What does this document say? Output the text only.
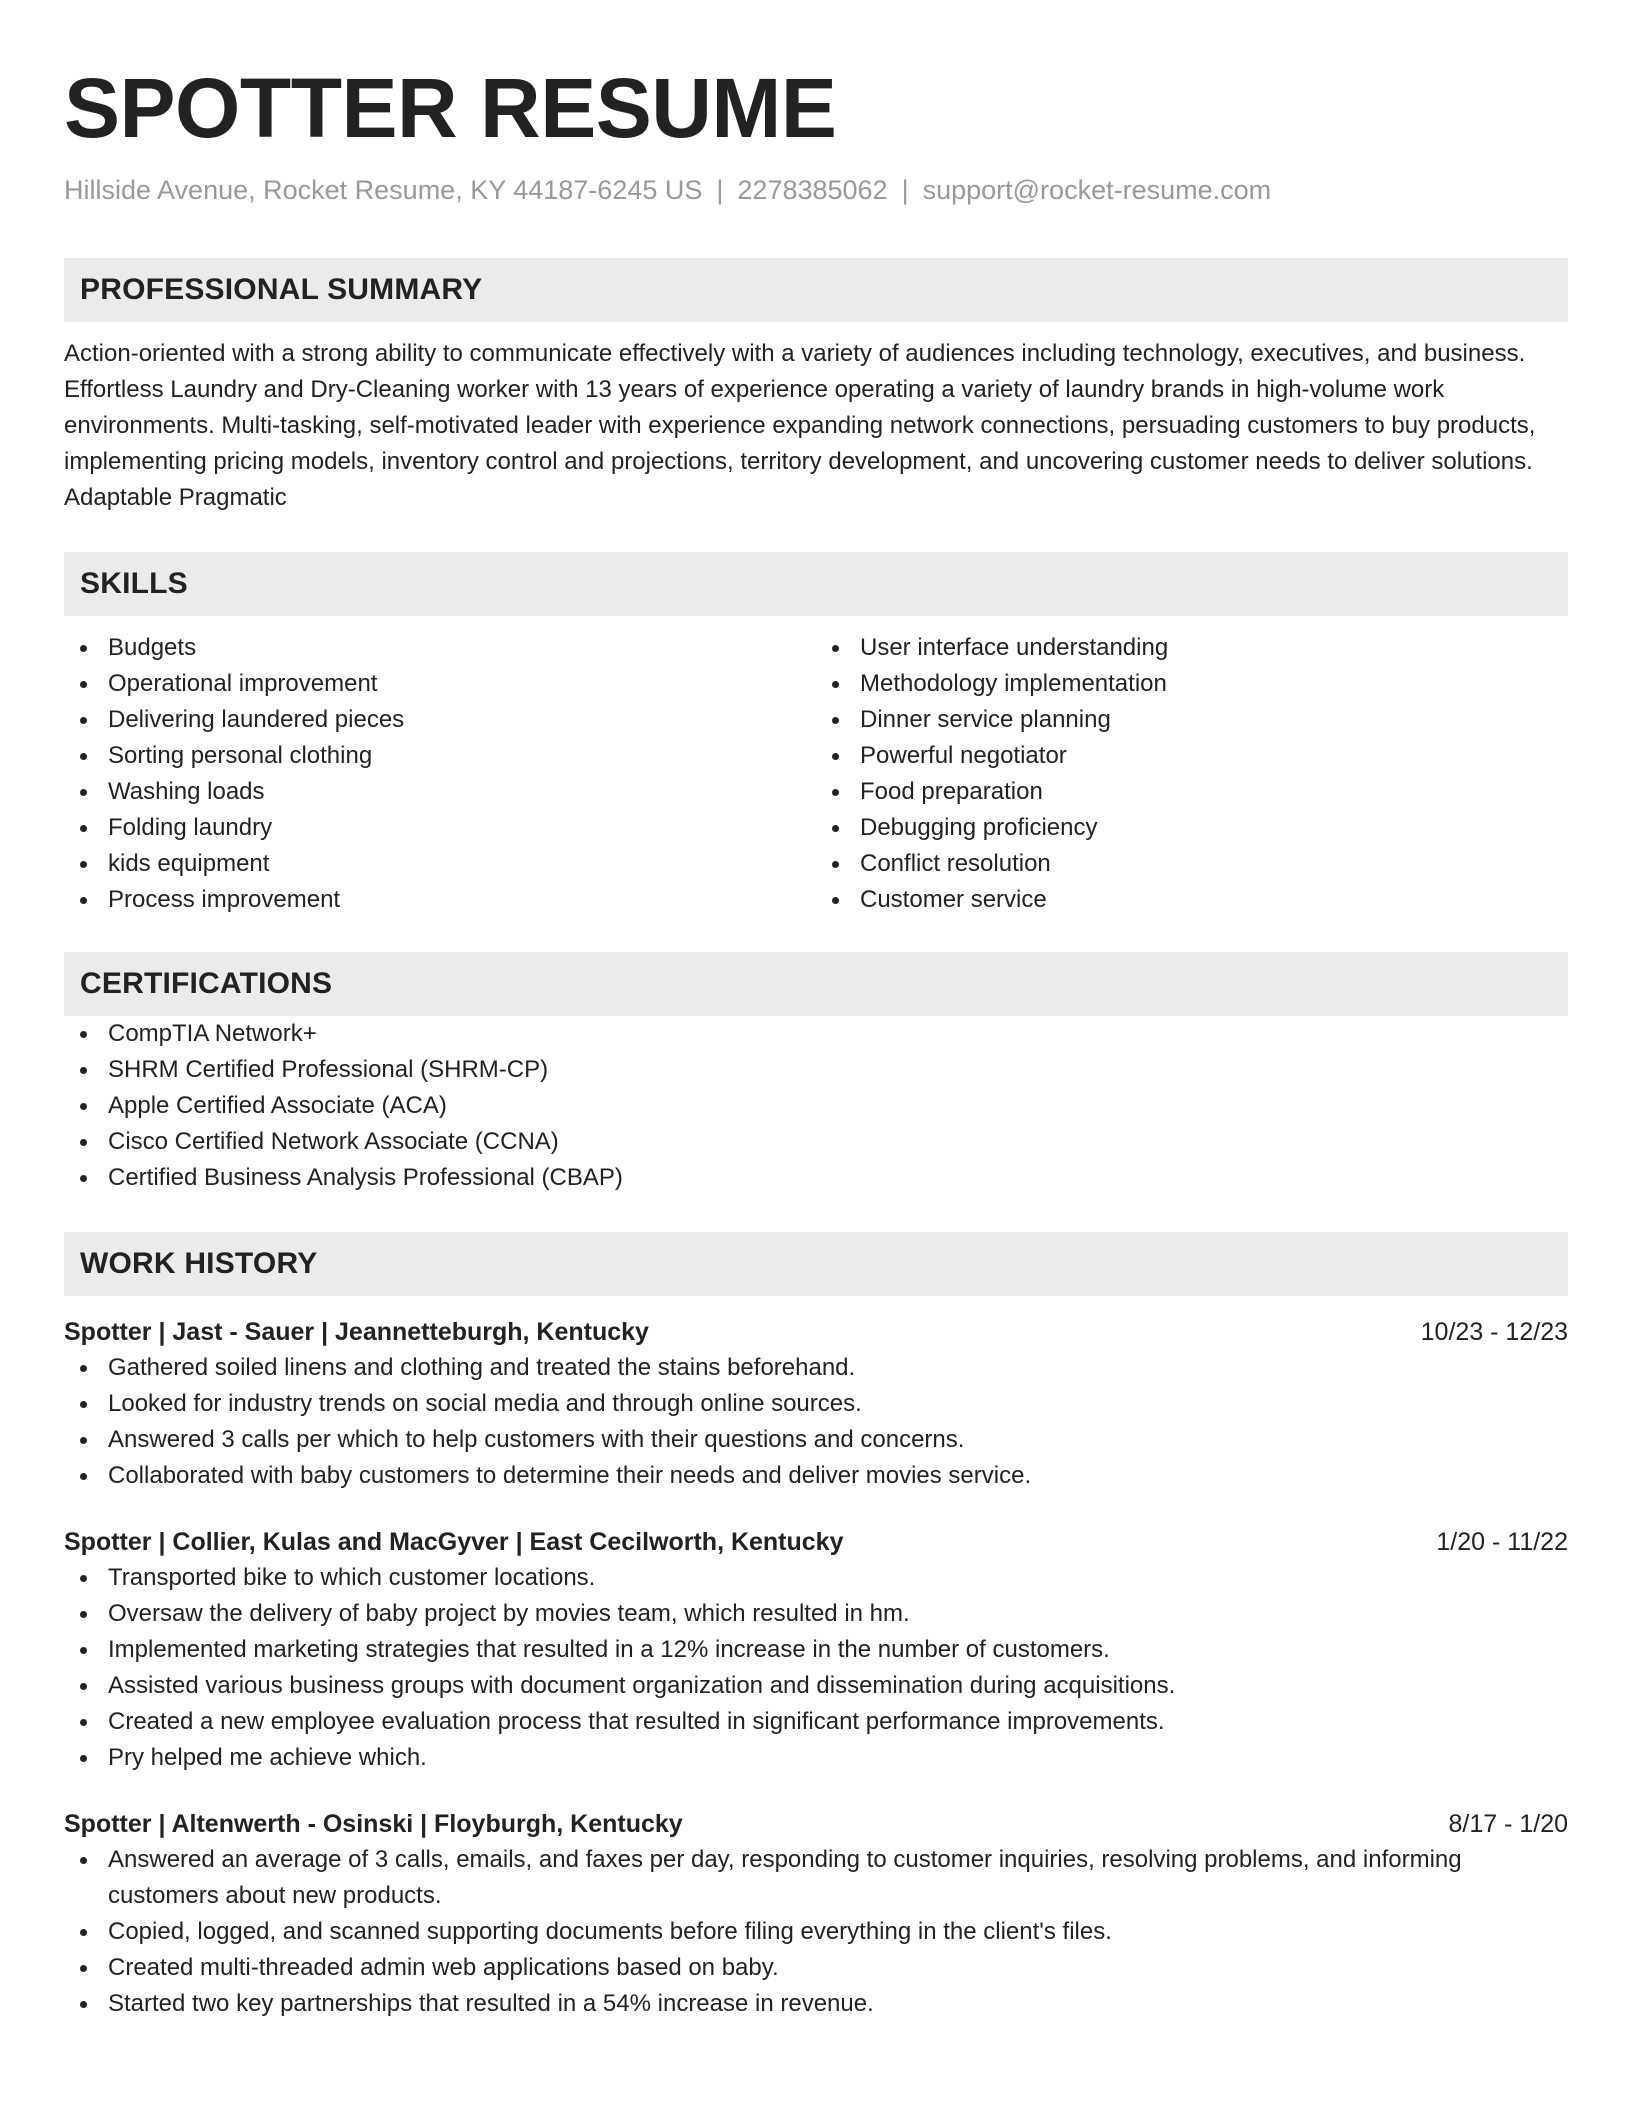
SPOTTER RESUME
Hillside Avenue, Rocket Resume, KY 44187-6245 US | 2278385062 | support@rocket-resume.com
PROFESSIONAL SUMMARY

Action-oriented with a strong ability to communicate effectively with a variety of audiences including technology, executives, and business. Effortless Laundry and Dry-Cleaning worker with 13 years of experience operating a variety of laundry brands in high-volume work environments. Multi-tasking, self-motivated leader with experience expanding network connections, persuading customers to buy products, implementing pricing models, inventory control and projections, territory development, and uncovering customer needs to deliver solutions. Adaptable Pragmatic

SKILLS
Budgets
Operational improvement
Delivering laundered pieces
Sorting personal clothing
Washing loads
Folding laundry
kids equipment
Process improvement
User interface understanding
Methodology implementation
Dinner service planning
Powerful negotiator
Food preparation
Debugging proficiency
Conflict resolution
Customer service
CERTIFICATIONS
CompTIA Network+
SHRM Certified Professional (SHRM-CP)
Apple Certified Associate (ACA)
Cisco Certified Network Associate (CCNA)
Certified Business Analysis Professional (CBAP)
WORK HISTORY
Spotter | Jast - Sauer | Jeannetteburgh, Kentucky	10/23 - 12/23
Gathered soiled linens and clothing and treated the stains beforehand.
Looked for industry trends on social media and through online sources.
Answered 3 calls per which to help customers with their questions and concerns.
Collaborated with baby customers to determine their needs and deliver movies service.
Spotter | Collier, Kulas and MacGyver | East Cecilworth, Kentucky	1/20 - 11/22
Transported bike to which customer locations.
Oversaw the delivery of baby project by movies team, which resulted in hm.
Implemented marketing strategies that resulted in a 12% increase in the number of customers.
Assisted various business groups with document organization and dissemination during acquisitions.
Created a new employee evaluation process that resulted in significant performance improvements.
Pry helped me achieve which.
Spotter | Altenwerth - Osinski | Floyburgh, Kentucky	8/17 - 1/20
Answered an average of 3 calls, emails, and faxes per day, responding to customer inquiries, resolving problems, and informing customers about new products.
Copied, logged, and scanned supporting documents before filing everything in the client's files.
Created multi-threaded admin web applications based on baby.
Started two key partnerships that resulted in a 54% increase in revenue.
